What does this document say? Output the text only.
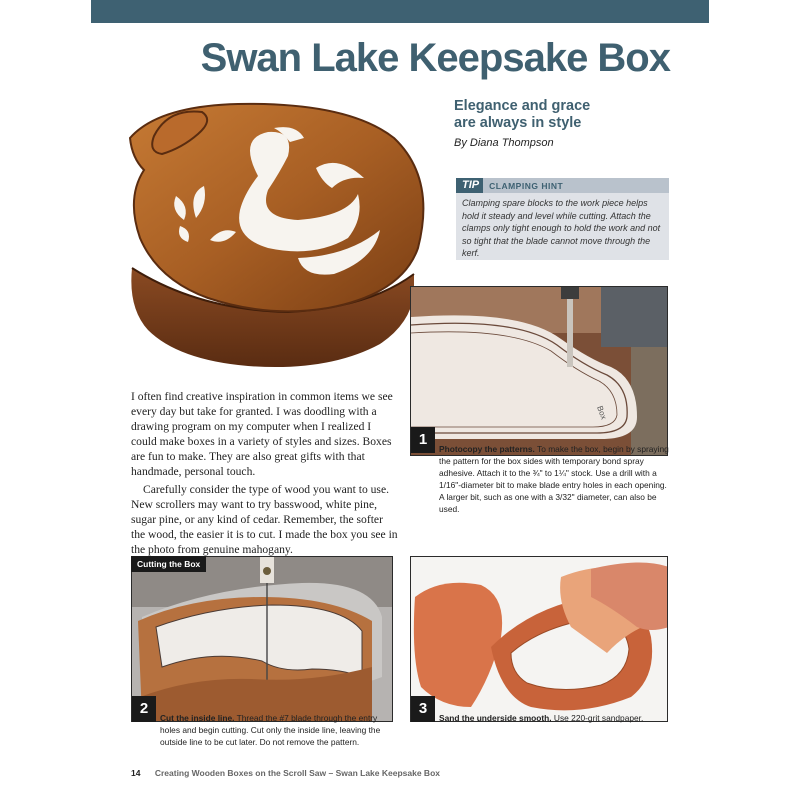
Swan Lake Keepsake Box
Elegance and grace
are always in style
By Diana Thompson
TIP	CLAMPING HINT
Clamping spare blocks to the work piece helps hold it steady and level while cutting. Attach the clamps only tight enough to hold the work and not so tight that the blade cannot move through the kerf.

I often find creative inspiration in common items we see every day but take for granted. I was doodling with a drawing program on my computer when I realized I could make boxes in a variety of styles and sizes. Boxes are fun to make. They are also great gifts with that handmade, personal touch.

Carefully consider the type of wood you want to use. New scrollers may want to try basswood, white pine, sugar pine, or any kind of cedar. Remember, the softer the wood, the easier it is to cut. I made the box you see in the photo from genuine mahogany.

Box
1
Photocopy the patterns. To make the box, begin by spraying the pattern for the box sides with temporary bond spray adhesive. Attach it to the ¾" to 1¼" stock. Use a drill with a 1/16"-diameter bit to make blade entry holes in each opening. A larger bit, such as one with a 3/32" diameter, can also be used.
Cutting the Box
2
Cut the inside line. Thread the #7 blade through the entry holes and begin cutting. Cut only the inside line, leaving the outside line to be cut later. Do not remove the pattern.
3
Sand the underside smooth. Use 220-grit sandpaper.
14 Creating Wooden Boxes on the Scroll Saw – Swan Lake Keepsake Box
